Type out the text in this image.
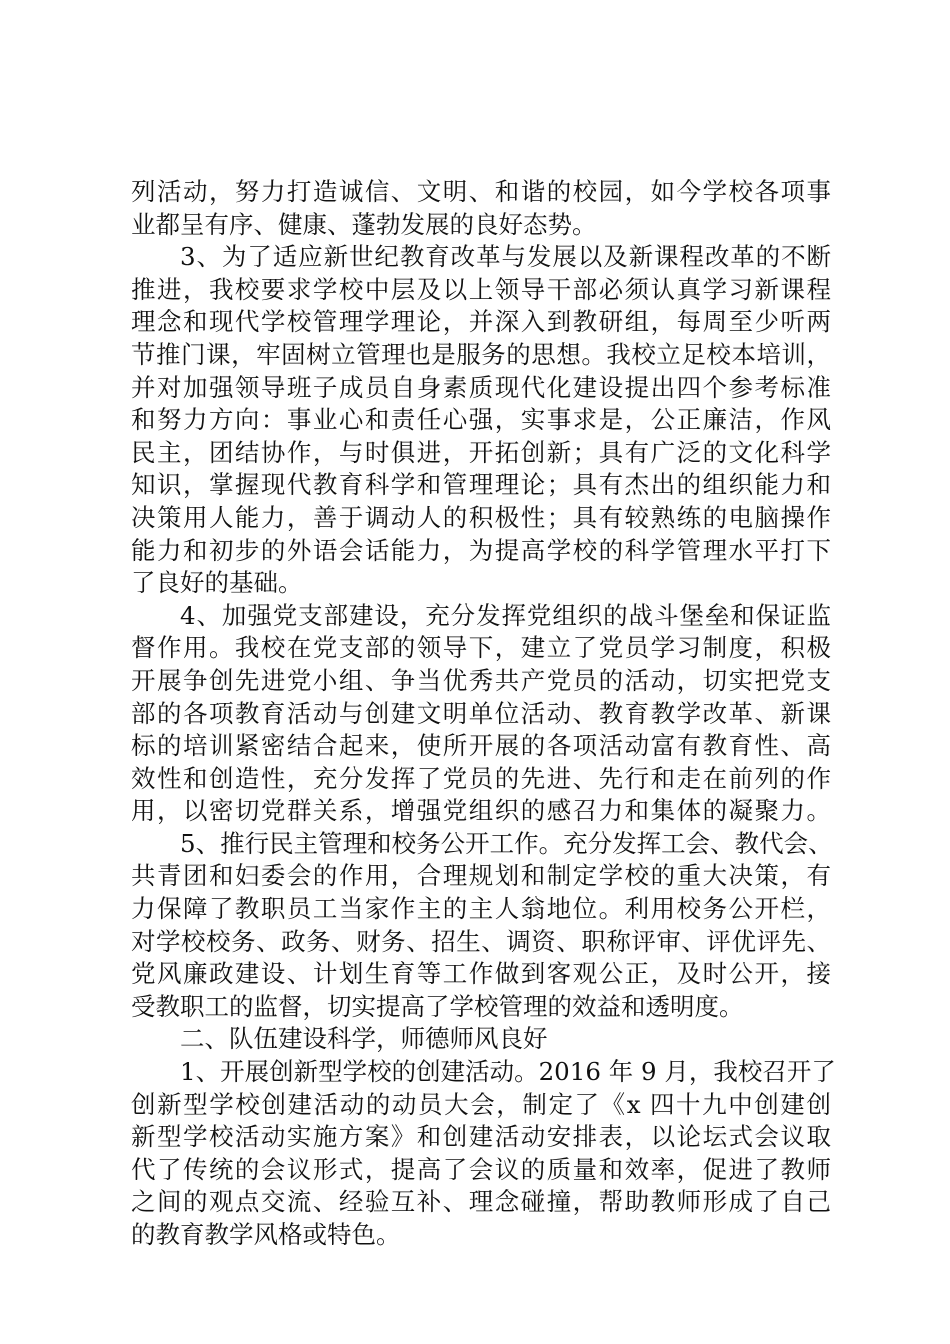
列活动，努力打造诚信、文明、和谐的校园，如今学校各项事
业都呈有序、健康、蓬勃发展的良好态势。
3、为了适应新世纪教育改革与发展以及新课程改革的不断
推进，我校要求学校中层及以上领导干部必须认真学习新课程
理念和现代学校管理学理论，并深入到教研组，每周至少听两
节推门课，牢固树立管理也是服务的思想。我校立足校本培训，
并对加强领导班子成员自身素质现代化建设提出四个参考标准
和努力方向：事业心和责任心强，实事求是，公正廉洁，作风
民主，团结协作，与时俱进，开拓创新；具有广泛的文化科学
知识，掌握现代教育科学和管理理论；具有杰出的组织能力和
决策用人能力，善于调动人的积极性；具有较熟练的电脑操作
能力和初步的外语会话能力，为提高学校的科学管理水平打下
了良好的基础。
4、加强党支部建设，充分发挥党组织的战斗堡垒和保证监
督作用。我校在党支部的领导下，建立了党员学习制度，积极
开展争创先进党小组、争当优秀共产党员的活动，切实把党支
部的各项教育活动与创建文明单位活动、教育教学改革、新课
标的培训紧密结合起来，使所开展的各项活动富有教育性、高
效性和创造性，充分发挥了党员的先进、先行和走在前列的作
用，以密切党群关系，增强党组织的感召力和集体的凝聚力。
5、推行民主管理和校务公开工作。充分发挥工会、教代会、
共青团和妇委会的作用，合理规划和制定学校的重大决策，有
力保障了教职员工当家作主的主人翁地位。利用校务公开栏，
对学校校务、政务、财务、招生、调资、职称评审、评优评先、
党风廉政建设、计划生育等工作做到客观公正，及时公开，接
受教职工的监督，切实提高了学校管理的效益和透明度。
二、队伍建设科学，师德师风良好
1、开展创新型学校的创建活动。2016 年 9 月，我校召开了
创新型学校创建活动的动员大会，制定了《x 四十九中创建创
新型学校活动实施方案》和创建活动安排表，以论坛式会议取
代了传统的会议形式，提高了会议的质量和效率，促进了教师
之间的观点交流、经验互补、理念碰撞，帮助教师形成了自己
的教育教学风格或特色。
